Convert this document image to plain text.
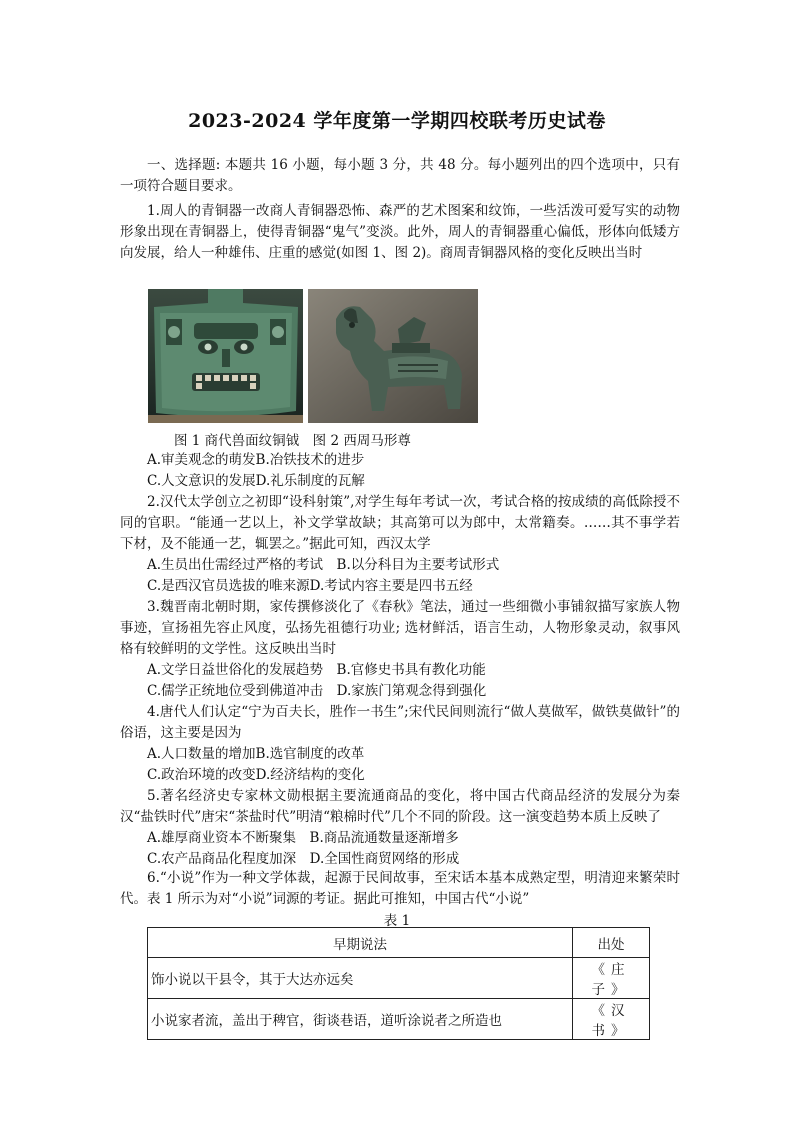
2023-2024 学年度第一学期四校联考历史试卷
一、选择题: 本题共 16 小题，每小题 3 分，共 48 分。每小题列出的四个选项中，只有一项符合题目要求。
1.周人的青铜器一改商人青铜器恐怖、森严的艺术图案和纹饰，一些活泼可爱写实的动物形象出现在青铜器上，使得青铜器“鬼气”变淡。此外，周人的青铜器重心偏低，形体向低矮方向发展，给人一种雄伟、庄重的感觉(如图 1、图 2)。商周青铜器风格的变化反映出当时
图 1 商代兽面纹铜钺　图 2 西周马形尊
A.审美观念的萌发B.冶铁技术的进步
C.人文意识的发展D.礼乐制度的瓦解
2.汉代太学创立之初即“设科射策”,对学生每年考试一次，考试合格的按成绩的高低除授不同的官职。“能通一艺以上，补文学掌故缺；其高第可以为郎中，太常籍奏。……其不事学若下材，及不能通一艺，辄罢之。”据此可知，西汉太学
A.生员出仕需经过严格的考试　B.以分科目为主要考试形式
C.是西汉官员选拔的唯来源D.考试内容主要是四书五经
3.魏晋南北朝时期，家传撰修淡化了《春秋》笔法，通过一些细微小事铺叙描写家族人物事迹，宣扬祖先容止风度，弘扬先祖德行功业; 选材鲜活，语言生动，人物形象灵动，叙事风格有较鲜明的文学性。这反映出当时
A.文学日益世俗化的发展趋势　B.官修史书具有教化功能
C.儒学正统地位受到佛道冲击　D.家族门第观念得到强化
4.唐代人们认定“宁为百夫长，胜作一书生”;宋代民间则流行“做人莫做军，做铁莫做针”的俗语，这主要是因为
A.人口数量的增加B.选官制度的改革
C.政治环境的改变D.经济结构的变化
5.著名经济史专家林文勋根据主要流通商品的变化，将中国古代商品经济的发展分为秦汉“盐铁时代”唐宋“茶盐时代”明清“粮棉时代”几个不同的阶段。这一演变趋势本质上反映了
A.雄厚商业资本不断聚集　B.商品流通数量逐渐增多
C.农产品商品化程度加深　D.全国性商贸网络的形成
6.“小说”作为一种文学体裁，起源于民间故事，至宋话本基本成熟定型，明清迎来繁荣时代。表 1 所示为对“小说”词源的考证。据此可推知，中国古代“小说”
表 1
早期说法	出处
饰小说以干县令，其于大达亦远矣	《庄子》
小说家者流，盖出于稗官，街谈巷语，道听涂说者之所造也	《汉书》
